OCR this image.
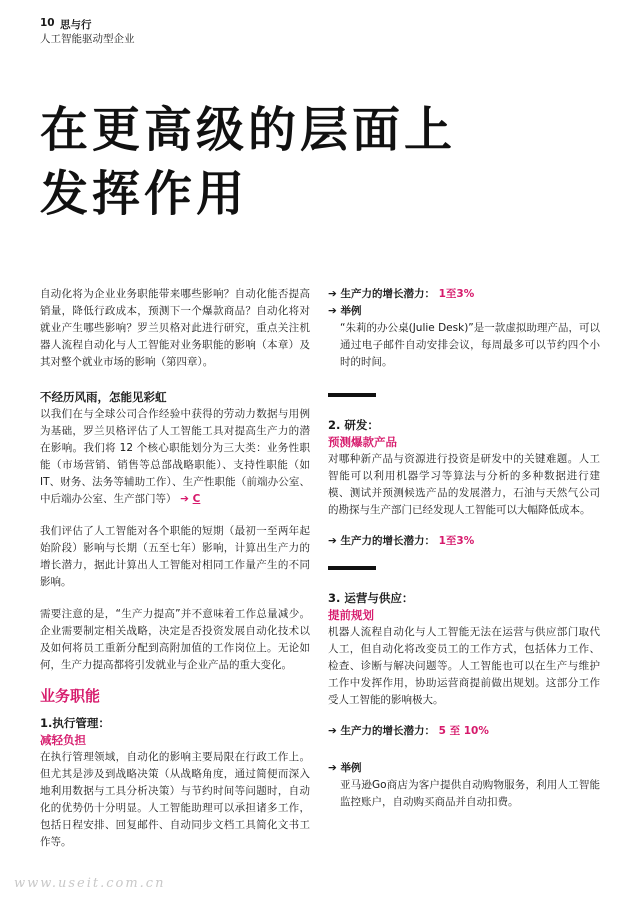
10 思与行
人工智能驱动型企业
在更高级的层面上
发挥作用

自动化将为企业业务职能带来哪些影响？自动化能否提高销量，降低行政成本，预测下一个爆款商品？自动化将对就业产生哪些影响？罗兰贝格对此进行研究，重点关注机器人流程自动化与人工智能对业务职能的影响（本章）及其对整个就业市场的影响（第四章）。

不经历风雨，怎能见彩虹

以我们在与全球公司合作经验中获得的劳动力数据与用例为基础，罗兰贝格评估了人工智能工具对提高生产力的潜在影响。我们将 12 个核心职能划分为三大类：业务性职能（市场营销、销售等总部战略职能）、支持性职能（如 IT、财务、法务等辅助工作）、生产性职能（前端办公室、中后端办公室、生产部门等） ➔ C

我们评估了人工智能对各个职能的短期（最初一至两年起始阶段）影响与长期（五至七年）影响，计算出生产力的增长潜力，据此计算出人工智能对相同工作量产生的不同影响。

需要注意的是，“生产力提高”并不意味着工作总量减少。企业需要制定相关战略，决定是否投资发展自动化技术以及如何将员工重新分配到高附加值的工作岗位上。无论如何，生产力提高都将引发就业与企业产品的重大变化。

业务职能
1.执行管理：
减轻负担

在执行管理领域，自动化的影响主要局限在行政工作上。但尤其是涉及到战略决策（从战略角度，通过简便而深入地利用数据与工具分析决策）与节约时间等问题时，自动化的优势仍十分明显。人工智能助理可以承担诸多工作，包括日程安排、回复邮件、自动同步文档工具简化文书工作等。

➔ 生产力的增长潜力： 1至3%
➔ 举例

“朱莉的办公桌(Julie Desk)”是一款虚拟助理产品，可以通过电子邮件自动安排会议，每周最多可以节约四个小时的时间。

2. 研发：
预测爆款产品

对哪种新产品与资源进行投资是研发中的关键难题。人工智能可以利用机器学习等算法与分析的多种数据进行建模、测试并预测候选产品的发展潜力，石油与天然气公司的勘探与生产部门已经发现人工智能可以大幅降低成本。

➔ 生产力的增长潜力： 1至3%
3. 运营与供应：
提前规划

机器人流程自动化与人工智能无法在运营与供应部门取代人工，但自动化将改变员工的工作方式，包括体力工作、检查、诊断与解决问题等。人工智能也可以在生产与维护工作中发挥作用，协助运营商提前做出规划。这部分工作受人工智能的影响极大。

➔ 生产力的增长潜力： 5 至 10%
➔ 举例

亚马逊Go商店为客户提供自动购物服务，利用人工智能监控账户，自动购买商品并自动扣费。

www.useit.com.cn
